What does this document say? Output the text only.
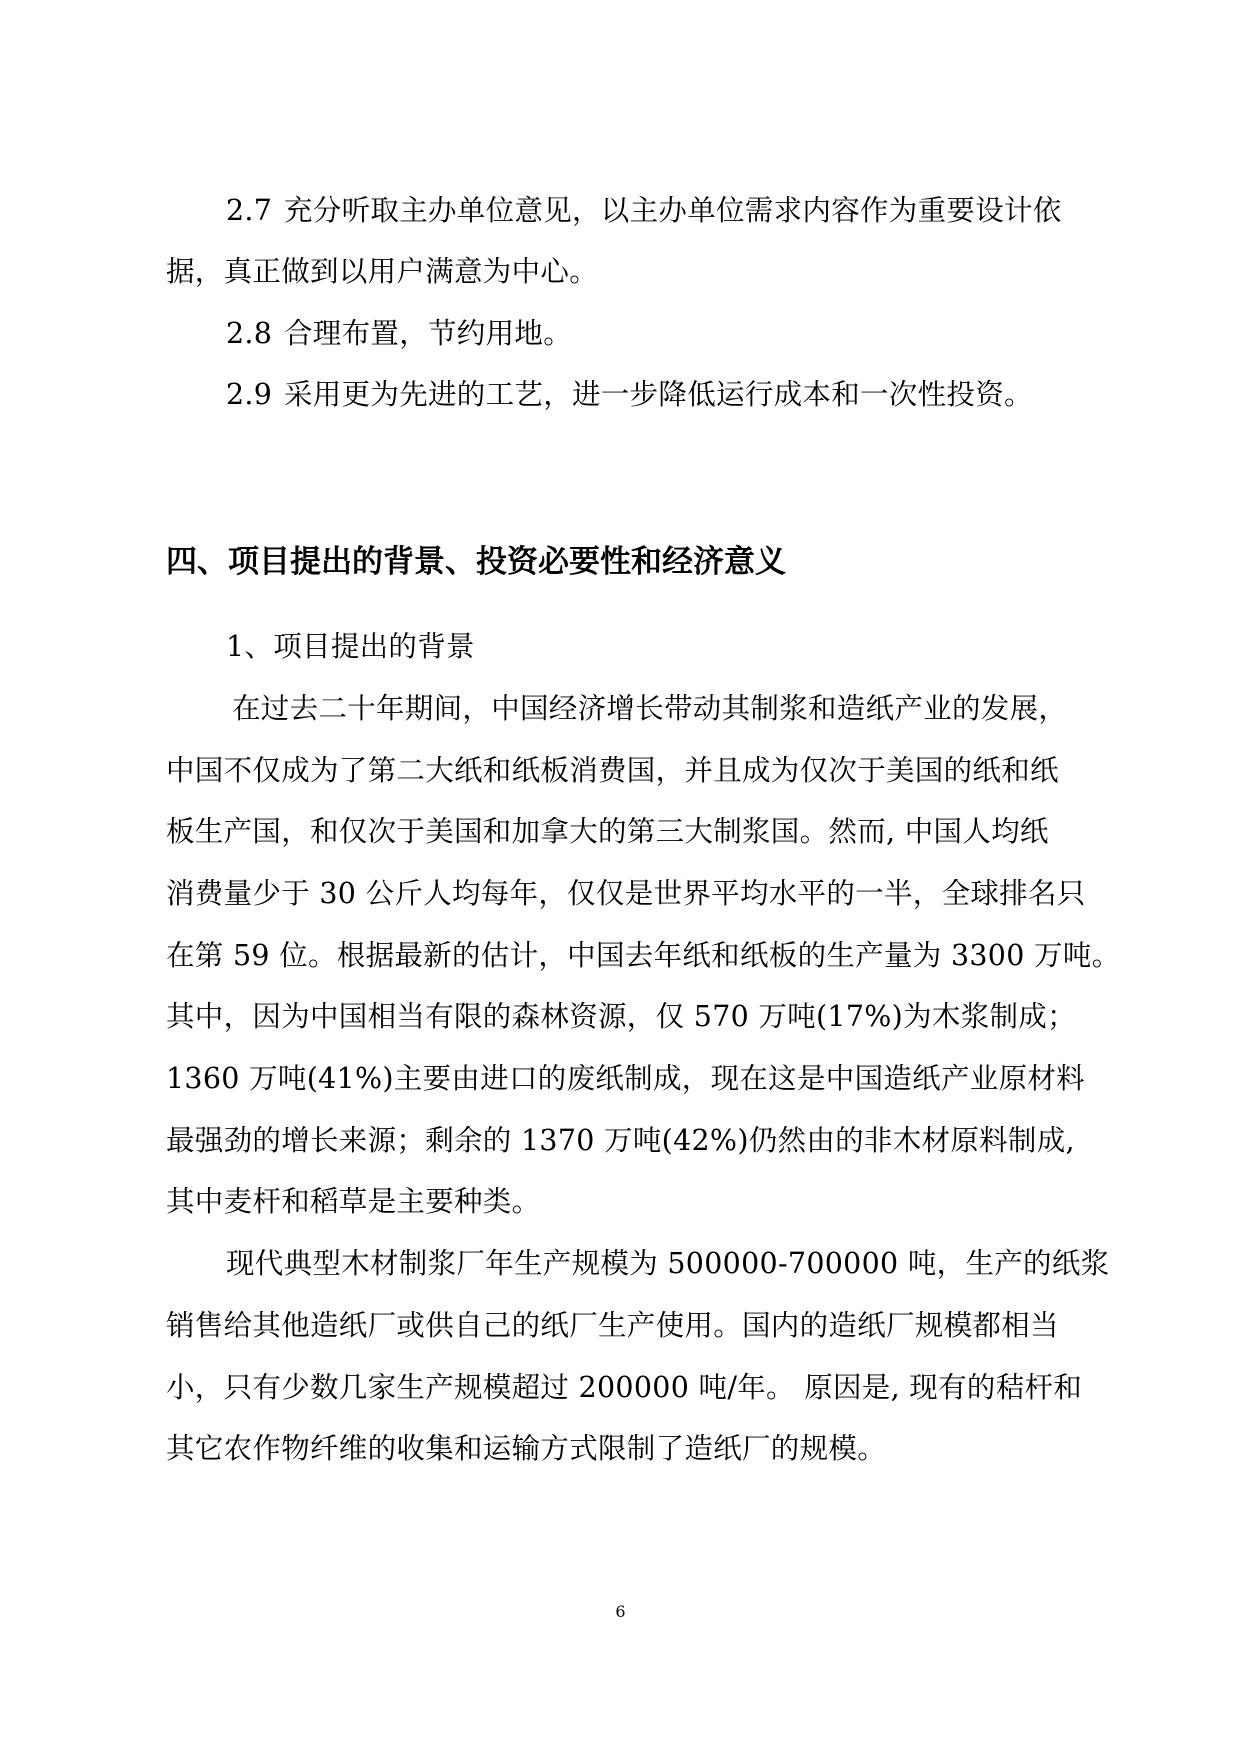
2.7 充分听取主办单位意见，以主办单位需求内容作为重要设计依
据，真正做到以用户满意为中心。
2.8 合理布置，节约用地。
2.9 采用更为先进的工艺，进一步降低运行成本和一次性投资。
四、项目提出的背景、投资必要性和经济意义
1、项目提出的背景
在过去二十年期间，中国经济增长带动其制浆和造纸产业的发展，
中国不仅成为了第二大纸和纸板消费国，并且成为仅次于美国的纸和纸
板生产国，和仅次于美国和加拿大的第三大制浆国。然而, 中国人均纸
消费量少于 30 公斤人均每年，仅仅是世界平均水平的一半，全球排名只
在第 59 位。根据最新的估计，中国去年纸和纸板的生产量为 3300 万吨。
其中，因为中国相当有限的森林资源，仅 570 万吨(17%)为木浆制成；
1360 万吨(41%)主要由进口的废纸制成，现在这是中国造纸产业原材料
最强劲的增长来源；剩余的 1370 万吨(42%)仍然由的非木材原料制成,
其中麦杆和稻草是主要种类。
现代典型木材制浆厂年生产规模为 500000-700000 吨，生产的纸浆
销售给其他造纸厂或供自己的纸厂生产使用。国内的造纸厂规模都相当
小，只有少数几家生产规模超过 200000 吨/年。 原因是, 现有的秸杆和
其它农作物纤维的收集和运输方式限制了造纸厂的规模。
6
